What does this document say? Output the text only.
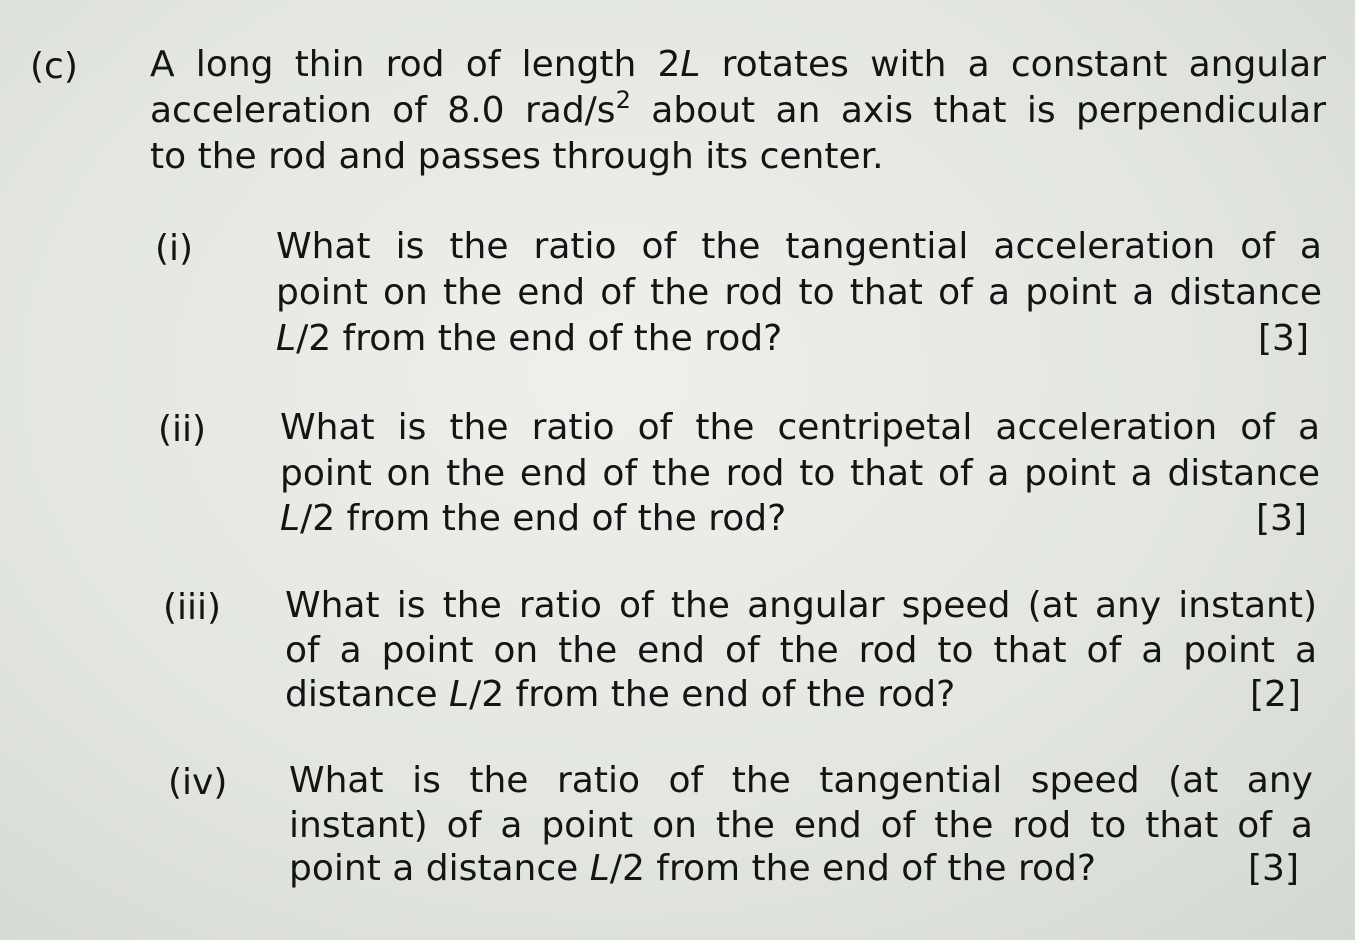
(c) A long thin rod of length 2L rotates with a constant angular
acceleration of 8.0 rad/$s^2$ about an axis that is perpendicular
to the rod and passes through its center.
(i) What is the ratio of the tangential acceleration of a
point on the end of the rod to that of a point a distance
L/2 from the end of the rod?	[3]
(ii) What is the ratio of the centripetal acceleration of a
point on the end of the rod to that of a point a distance
L/2 from the end of the rod?	[3]
(iii) What is the ratio of the angular speed (at any instant)
of a point on the end of the rod to that of a point a
distance L/2 from the end of the rod?	[2]
(iv) What is the ratio of the tangential speed (at any
instant) of a point on the end of the rod to that of a
point a distance L/2 from the end of the rod?	[3]
